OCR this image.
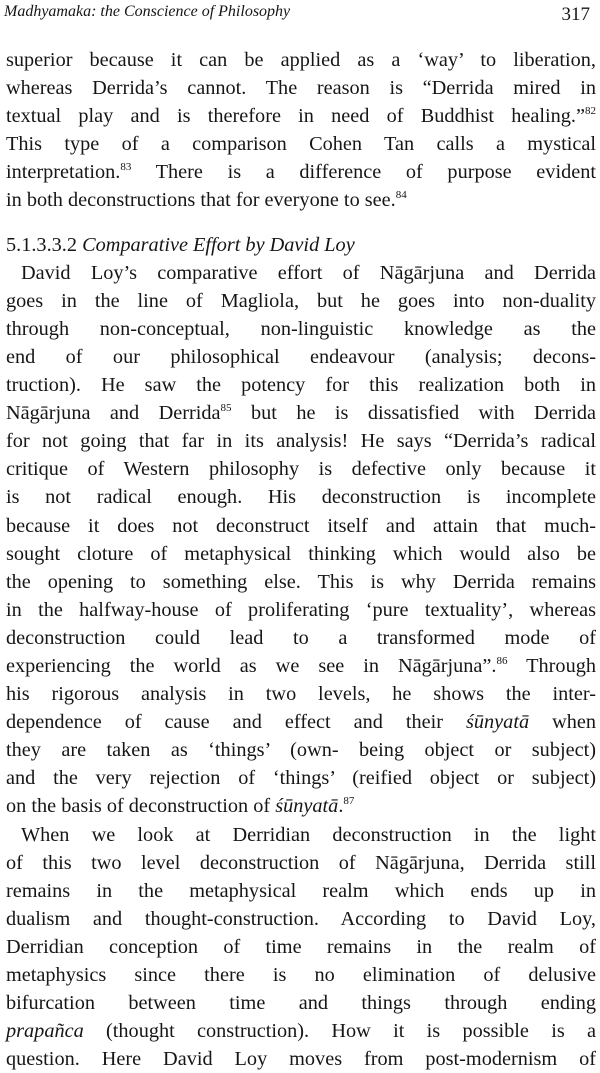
Madhyamaka: the Conscience of Philosophy	317
superior because it can be applied as a ‘way’ to liberation,
whereas Derrida’s cannot. The reason is “Derrida mired in
textual play and is therefore in need of Buddhist healing.”$^{82}$
This type of a comparison Cohen Tan calls a mystical
interpretation.$^{83}$ There is a difference of purpose evident
in both deconstructions that for everyone to see.$^{84}$
5.1.3.3.2 Comparative Effort by David Loy
David Loy’s comparative effort of Nāgārjuna and Derrida
goes in the line of Magliola, but he goes into non-duality
through non-conceptual, non-linguistic knowledge as the
end of our philosophical endeavour (analysis; decons-
truction). He saw the potency for this realization both in
Nāgārjuna and Derrida$^{85}$ but he is dissatisfied with Derrida
for not going that far in its analysis! He says “Derrida’s radical
critique of Western philosophy is defective only because it
is not radical enough. His deconstruction is incomplete
because it does not deconstruct itself and attain that much-
sought cloture of metaphysical thinking which would also be
the opening to something else. This is why Derrida remains
in the halfway-house of proliferating ‘pure textuality’, whereas
deconstruction could lead to a transformed mode of
experiencing the world as we see in Nāgārjuna”.$^{86}$ Through
his rigorous analysis in two levels, he shows the inter-
dependence of cause and effect and their śūnyatā when
they are taken as ‘things’ (own- being object or subject)
and the very rejection of ‘things’ (reified object or subject)
on the basis of deconstruction of śūnyatā.$^{87}$
When we look at Derridian deconstruction in the light
of this two level deconstruction of Nāgārjuna, Derrida still
remains in the metaphysical realm which ends up in
dualism and thought-construction. According to David Loy,
Derridian conception of time remains in the realm of
metaphysics since there is no elimination of delusive
bifurcation between time and things through ending
prapañca (thought construction). How it is possible is a
question. Here David Loy moves from post-modernism of
